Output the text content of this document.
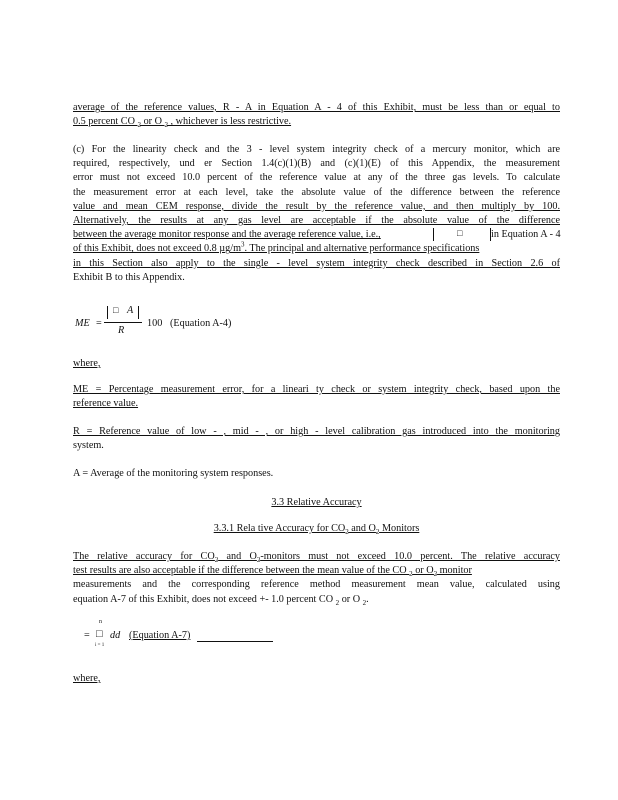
average of the reference values, R - A in Equation A - 4 of this Exhibit, must be less than or equal to
0.5 percent CO $_2$ or O $_2$ , whichever is less restrictive.
(c) For the linearity check and the 3 - level system integrity check of a mercury monitor, which are
required, respectively, und er Section 1.4(c)(1)(B) and (c)(1)(E) of this Appendix, the measurement
error must not exceed 10.0 percent of the reference value at any of the three gas levels. To calculate
the measurement error at each level, take the absolute value of the difference between the reference
value and mean CEM response, divide the result by the reference value, and then multiply by 100.
Alternatively, the results at any gas level are acceptable if the absolute value of the difference
between the average monitor response and the average reference value, i.e.,	□	in Equation A - 4
of this Exhibit, does not exceed 0.8 $\mu g/m^3$. The principal and alternative performance specifications
in this Section also apply to the single - level system integrity check described in Section 2.6 of
Exhibit B to this Appendix.
ME =
□ A
R
100 (Equation A-4)
where,
ME = Percentage measurement error, for a lineari ty check or system integrity check, based upon the
reference value.
R = Reference value of low - , mid - , or high - level calibration gas introduced into the monitoring
system.
A = Average of the monitoring system responses.
3.3 Relative Accuracy
3.3.1 Rela tive Accuracy for $CO_2$ and $O_2$ Monitors
The relative accuracy for $CO_2$ and $O_2$-monitors must not exceed 10.0 percent. The relative accuracy
test results are also acceptable if the difference between the mean value of the CO $_2$ or $O_2$ monitor
measurements and the corresponding reference method measurement mean value, calculated using
equation A-7 of this Exhibit, does not exceed +- 1.0 percent CO $_2$ or O $_2$.
=
n
□
i = 1
dd (Equation A-7)
where,
